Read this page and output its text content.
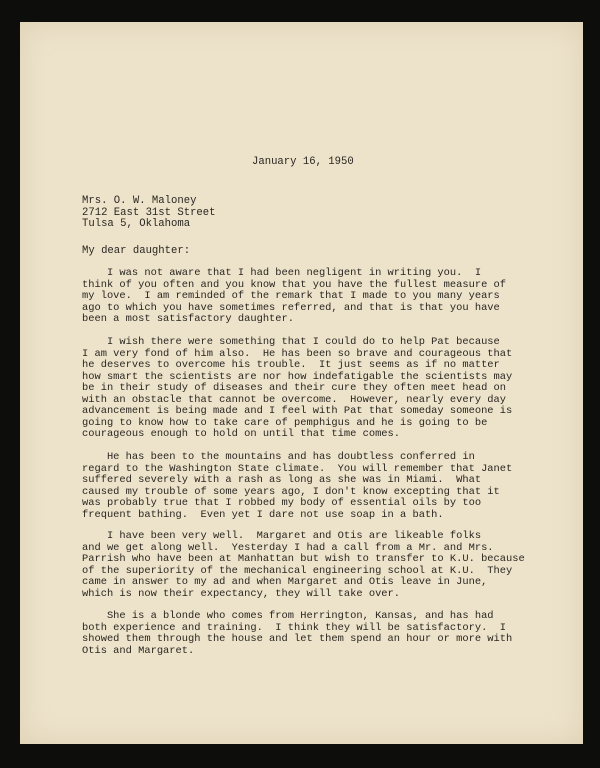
January 16, 1950
Mrs. O. W. Maloney
2712 East 31st Street
Tulsa 5, Oklahoma
My dear daughter:
I was not aware that I had been negligent in writing you.  I
think of you often and you know that you have the fullest measure of
my love.  I am reminded of the remark that I made to you many years
ago to which you have sometimes referred, and that is that you have
been a most satisfactory daughter.
I wish there were something that I could do to help Pat because
I am very fond of him also.  He has been so brave and courageous that
he deserves to overcome his trouble.  It just seems as if no matter
how smart the scientists are nor how indefatigable the scientists may
be in their study of diseases and their cure they often meet head on
with an obstacle that cannot be overcome.  However, nearly every day
advancement is being made and I feel with Pat that someday someone is
going to know how to take care of pemphigus and he is going to be
courageous enough to hold on until that time comes.
He has been to the mountains and has doubtless conferred in
regard to the Washington State climate.  You will remember that Janet
suffered severely with a rash as long as she was in Miami.  What
caused my trouble of some years ago, I don't know excepting that it
was probably true that I robbed my body of essential oils by too
frequent bathing.  Even yet I dare not use soap in a bath.
I have been very well.  Margaret and Otis are likeable folks
and we get along well.  Yesterday I had a call from a Mr. and Mrs.
Parrish who have been at Manhattan but wish to transfer to K.U. because
of the superiority of the mechanical engineering school at K.U.  They
came in answer to my ad and when Margaret and Otis leave in June,
which is now their expectancy, they will take over.
She is a blonde who comes from Herrington, Kansas, and has had
both experience and training.  I think they will be satisfactory.  I
showed them through the house and let them spend an hour or more with
Otis and Margaret.
